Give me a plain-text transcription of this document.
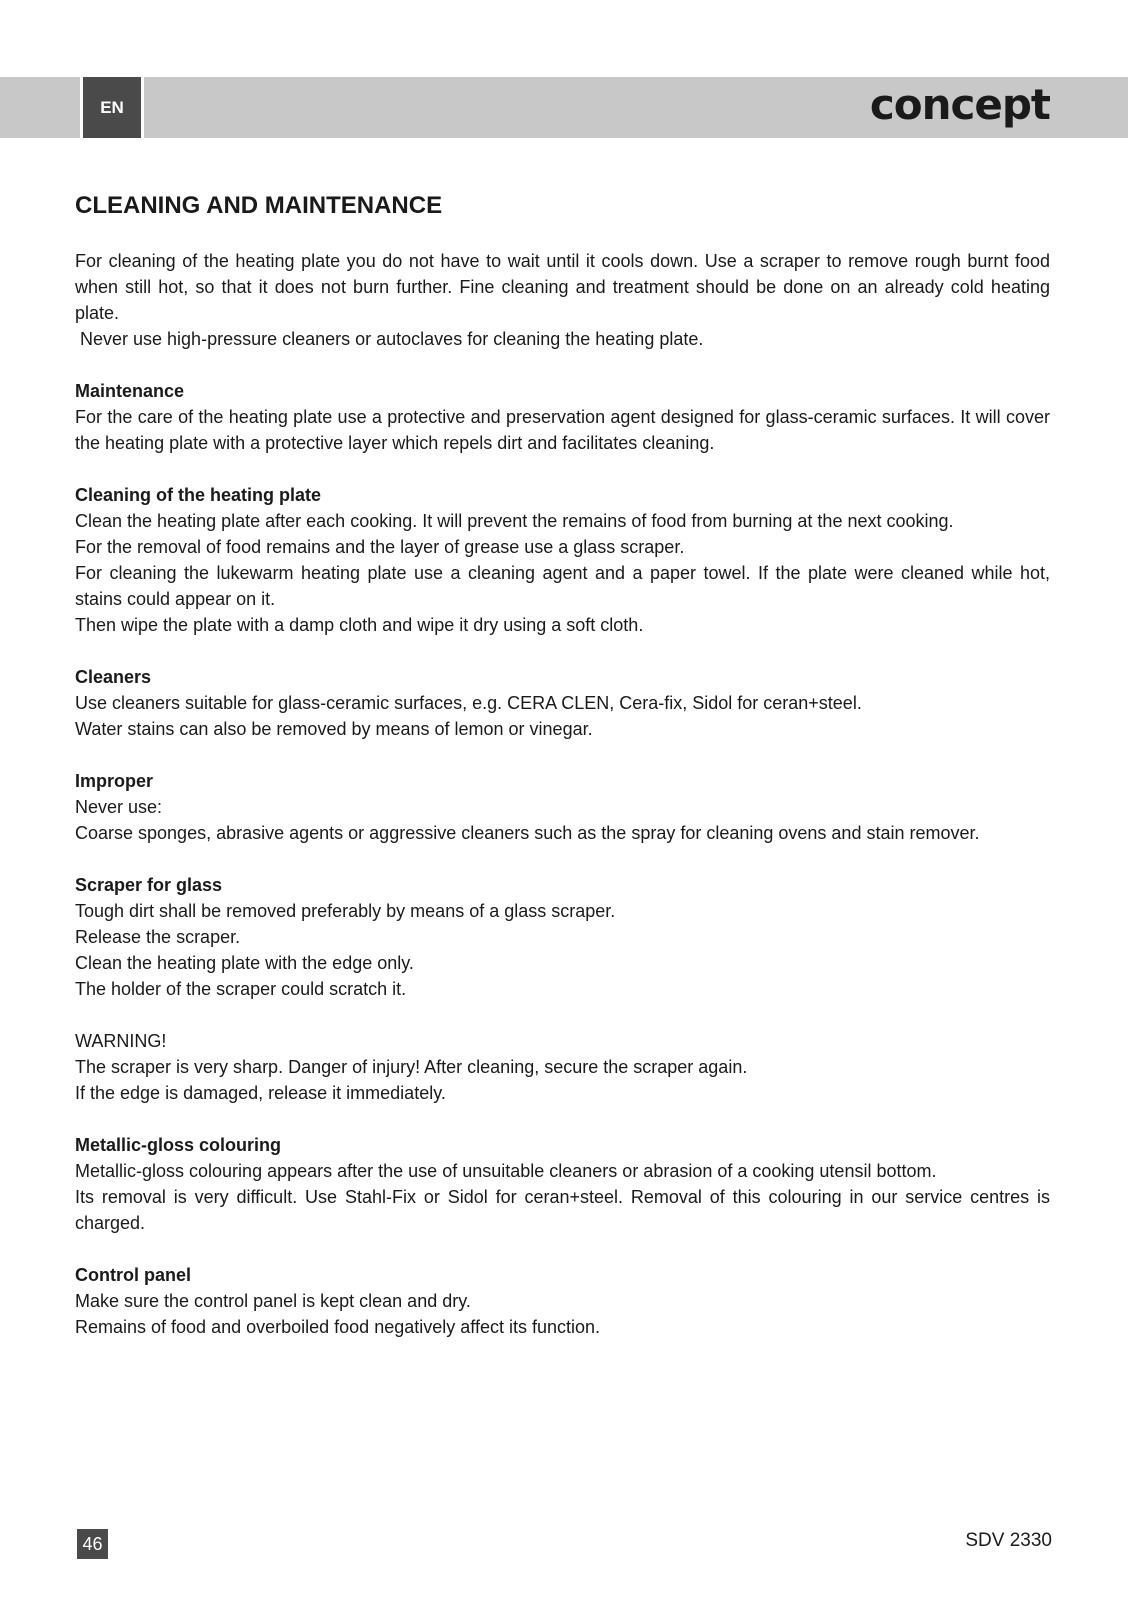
EN	concept
CLEANING AND MAINTENANCE

For cleaning of the heating plate you do not have to wait until it cools down. Use a scraper to remove rough burnt food when still hot, so that it does not burn further. Fine cleaning and treatment should be done on an already cold heating plate.

Never use high-pressure cleaners or autoclaves for cleaning the heating plate.

Maintenance

For the care of the heating plate use a protective and preservation agent designed for glass-ceramic surfaces. It will cover the heating plate with a protective layer which repels dirt and facilitates cleaning.

Cleaning of the heating plate

Clean the heating plate after each cooking. It will prevent the remains of food from burning at the next cooking.

For the removal of food remains and the layer of grease use a glass scraper.

For cleaning the lukewarm heating plate use a cleaning agent and a paper towel. If the plate were cleaned while hot, stains could appear on it.

Then wipe the plate with a damp cloth and wipe it dry using a soft cloth.

Cleaners

Use cleaners suitable for glass-ceramic surfaces, e.g. CERA CLEN, Cera-fix, Sidol for ceran+steel.

Water stains can also be removed by means of lemon or vinegar.

Improper

Never use:

Coarse sponges, abrasive agents or aggressive cleaners such as the spray for cleaning ovens and stain remover.

Scraper for glass

Tough dirt shall be removed preferably by means of a glass scraper.

Release the scraper.

Clean the heating plate with the edge only.

The holder of the scraper could scratch it.

WARNING!

The scraper is very sharp. Danger of injury! After cleaning, secure the scraper again.

If the edge is damaged, release it immediately.

Metallic-gloss colouring

Metallic-gloss colouring appears after the use of unsuitable cleaners or abrasion of a cooking utensil bottom.

Its removal is very difficult. Use Stahl-Fix or Sidol for ceran+steel. Removal of this colouring in our service centres is charged.

Control panel

Make sure the control panel is kept clean and dry.

Remains of food and overboiled food negatively affect its function.

46	SDV 2330
